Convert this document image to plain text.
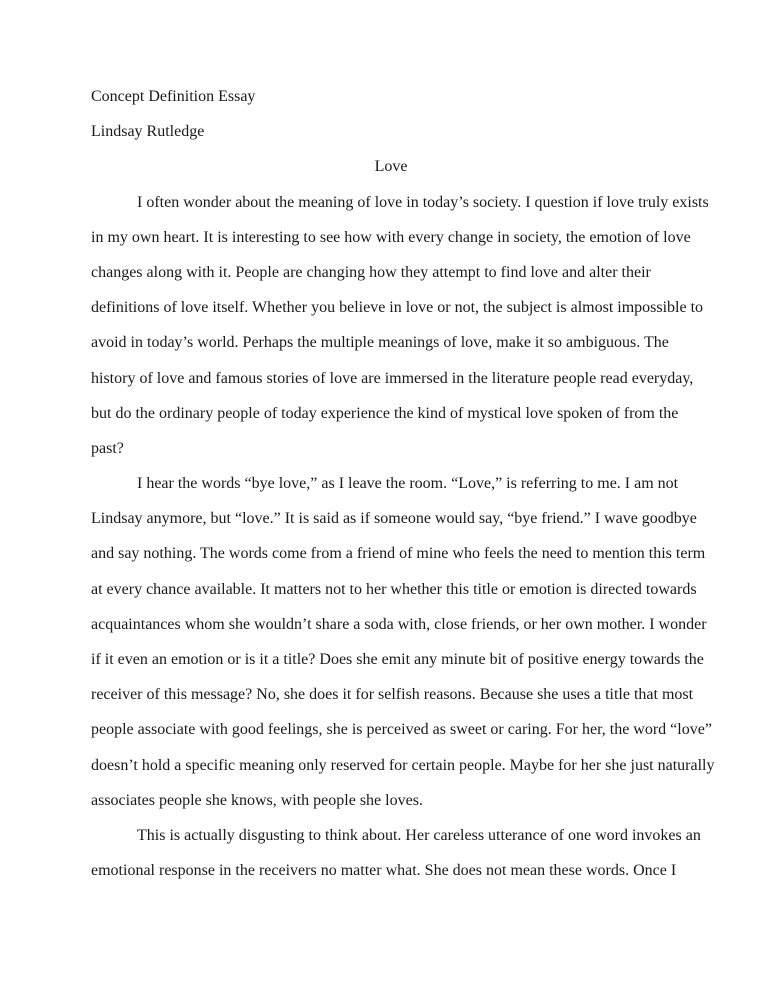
Concept Definition Essay
Lindsay Rutledge
Love
I often wonder about the meaning of love in today’s society. I question if love truly exists
in my own heart. It is interesting to see how with every change in society, the emotion of love
changes along with it. People are changing how they attempt to find love and alter their
definitions of love itself. Whether you believe in love or not, the subject is almost impossible to
avoid in today’s world. Perhaps the multiple meanings of love, make it so ambiguous. The
history of love and famous stories of love are immersed in the literature people read everyday,
but do the ordinary people of today experience the kind of mystical love spoken of from the
past?
I hear the words “bye love,” as I leave the room. “Love,” is referring to me. I am not
Lindsay anymore, but “love.” It is said as if someone would say, “bye friend.” I wave goodbye
and say nothing. The words come from a friend of mine who feels the need to mention this term
at every chance available. It matters not to her whether this title or emotion is directed towards
acquaintances whom she wouldn’t share a soda with, close friends, or her own mother. I wonder
if it even an emotion or is it a title? Does she emit any minute bit of positive energy towards the
receiver of this message? No, she does it for selfish reasons. Because she uses a title that most
people associate with good feelings, she is perceived as sweet or caring. For her, the word “love”
doesn’t hold a specific meaning only reserved for certain people. Maybe for her she just naturally
associates people she knows, with people she loves.
This is actually disgusting to think about. Her careless utterance of one word invokes an
emotional response in the receivers no matter what. She does not mean these words. Once I
